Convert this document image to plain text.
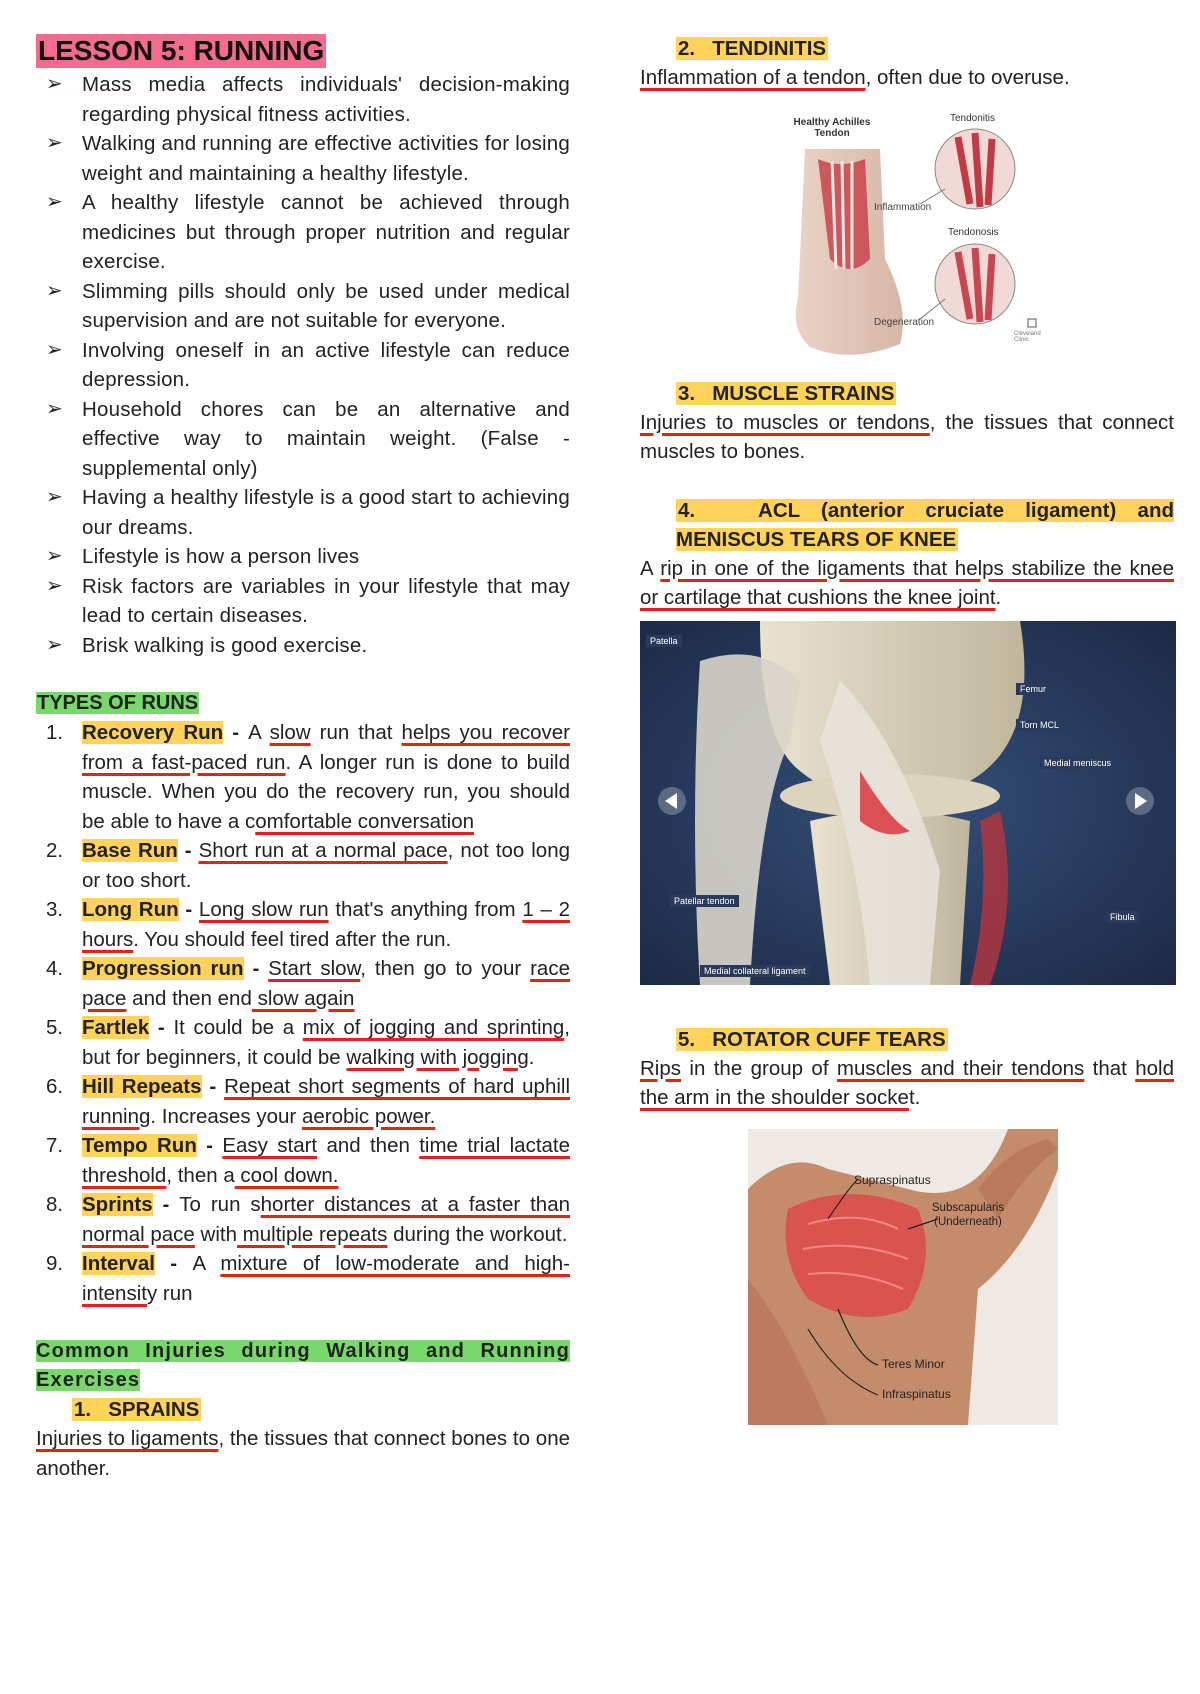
LESSON 5: RUNNING
➢ Mass media affects individuals' decision-making regarding physical fitness activities.
➢ Walking and running are effective activities for losing weight and maintaining a healthy lifestyle.
➢ A healthy lifestyle cannot be achieved through medicines but through proper nutrition and regular exercise.
➢ Slimming pills should only be used under medical supervision and are not suitable for everyone.
➢ Involving oneself in an active lifestyle can reduce depression.
➢ Household chores can be an alternative and effective way to maintain weight. (False - supplemental only)
➢ Having a healthy lifestyle is a good start to achieving our dreams.
➢ Lifestyle is how a person lives
➢ Risk factors are variables in your lifestyle that may lead to certain diseases.
➢ Brisk walking is good exercise.
TYPES OF RUNS
1. Recovery Run - A slow run that helps you recover from a fast-paced run. A longer run is done to build muscle. When you do the recovery run, you should be able to have a comfortable conversation
2. Base Run - Short run at a normal pace, not too long or too short.
3. Long Run - Long slow run that's anything from 1 – 2 hours. You should feel tired after the run.
4. Progression run - Start slow, then go to your race pace and then end slow again
5. Fartlek - It could be a mix of jogging and sprinting, but for beginners, it could be walking with jogging.
6. Hill Repeats - Repeat short segments of hard uphill running. Increases your aerobic power.
7. Tempo Run - Easy start and then time trial lactate threshold, then a cool down.
8. Sprints - To run shorter distances at a faster than normal pace with multiple repeats during the workout.
9. Interval - A mixture of low-moderate and high-intensity run
Common Injuries during Walking and Running Exercises
1. SPRAINS

Injuries to ligaments, the tissues that connect bones to one another.

2. TENDINITIS

Inflammation of a tendon, often due to overuse.

Healthy Achilles Tendon
Tendonitis
Inflammation
Tendonosis
Degeneration
Cleveland Clinic
3. MUSCLE STRAINS

Injuries to muscles or tendons, the tissues that connect muscles to bones.

4.	ACL (anterior cruciate ligament) and MENISCUS TEARS OF KNEE

A rip in one of the ligaments that helps stabilize the knee or cartilage that cushions the knee joint.

Patella
Femur
Torn MCL
Medial meniscus
Patellar tendon
Fibula
Medial collateral ligament
5. ROTATOR CUFF TEARS

Rips in the group of muscles and their tendons that hold the arm in the shoulder socket.

Supraspinatus
Subscapularis (Underneath)
Teres Minor
Infraspinatus
